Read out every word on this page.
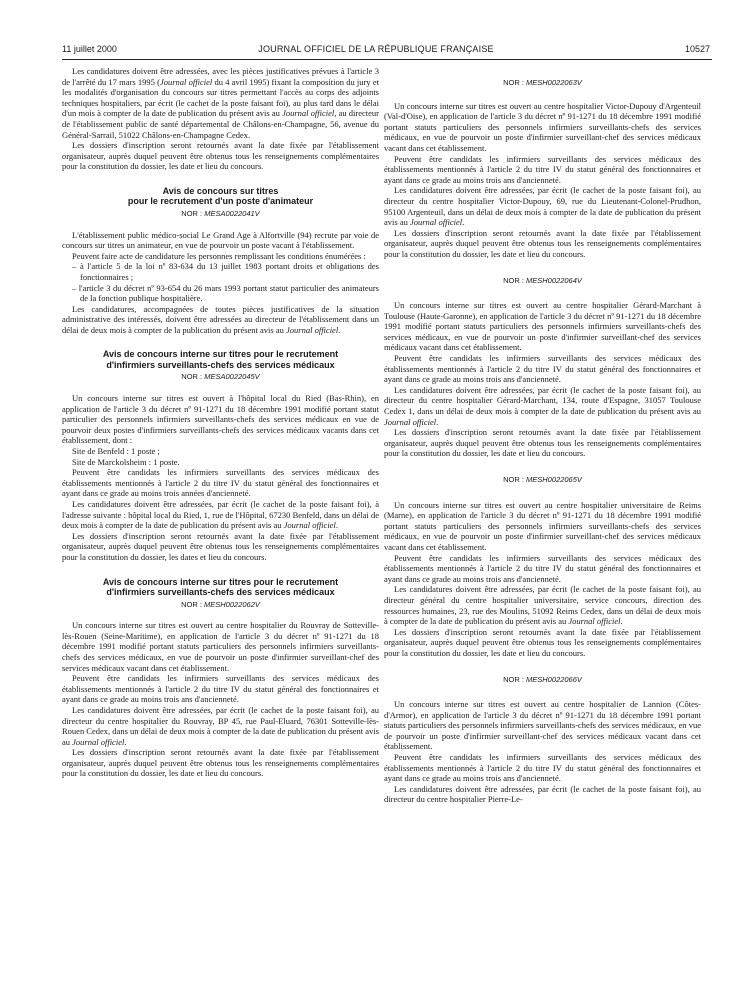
11 juillet 2000	JOURNAL OFFICIEL DE LA RÉPUBLIQUE FRANÇAISE	10527

Les candidatures doivent être adressées, avec les pièces justificatives prévues à l'article 3 de l'arrêté du 17 mars 1995 (Journal officiel du 4 avril 1995) fixant la composition du jury et les modalités d'organisation du concours sur titres permettant l'accès au corps des adjoints techniques hospitaliers, par écrit (le cachet de la poste faisant foi), au plus tard dans le délai d'un mois à compter de la date de publication du présent avis au Journal officiel, au directeur de l'établissement public de santé départemental de Châlons-en-Champagne, 56, avenue du Général-Sarrail, 51022 Châlons-en-Champagne Cedex.

Les dossiers d'inscription seront retournés avant la date fixée par l'établissement organisateur, auprès duquel peuvent être obtenus tous les renseignements complémentaires pour la constitution du dossier, les date et lieu du concours.

Avis de concours sur titres
pour le recrutement d'un poste d'animateur
NOR : MESA0022041V

L'établissement public médico-social Le Grand Age à Alfortville (94) recrute par voie de concours sur titres un animateur, en vue de pourvoir un poste vacant à l'établissement.

Peuvent faire acte de candidature les personnes remplissant les conditions énumérées :

– à l'article 5 de la loi nº 83-634 du 13 juillet 1983 portant droits et obligations des fonctionnaires ;
– l'article 3 du décret nº 93-654 du 26 mars 1993 portant statut particulier des animateurs de la fonction publique hospitalière.

Les candidatures, accompagnées de toutes pièces justificatives de la situation administrative des intéressés, doivent être adressées au directeur de l'établissement dans un délai de deux mois à compter de la publication du présent avis au Journal officiel.

Avis de concours interne sur titres pour le recrutement
d'infirmiers surveillants-chefs des services médicaux
NOR : MESA0022045V

Un concours interne sur titres est ouvert à l'hôpital local du Ried (Bas-Rhin), en application de l'article 3 du décret nº 91-1271 du 18 décembre 1991 modifié portant statut particulier des personnels infirmiers surveillants-chefs des services médicaux en vue de pourvoir deux postes d'infirmiers surveillants-chefs des services médicaux vacants dans cet établissement, dont :

Site de Benfeld : 1 poste ;

Site de Marckolsheim : 1 poste.

Peuvent être candidats les infirmiers surveillants des services médicaux des établissements mentionnés à l'article 2 du titre IV du statut général des fonctionnaires et ayant dans ce grade au moins trois années d'ancienneté.

Les candidatures doivent être adressées, par écrit (le cachet de la poste faisant foi), à l'adresse suivante : hôpital local du Ried, 1, rue de l'Hôpital, 67230 Benfeld, dans un délai de deux mois à compter de la date de publication du présent avis au Journal officiel.

Les dossiers d'inscription seront retournés avant la date fixée par l'établissement organisateur, auprès duquel peuvent être obtenus tous les renseignements complémentaires pour la constitution du dossier, les dates et lieu du concours.

Avis de concours interne sur titres pour le recrutement
d'infirmiers surveillants-chefs des services médicaux
NOR : MESH0022062V

Un concours interne sur titres est ouvert au centre hospitalier du Rouvray de Sotteville-lès-Rouen (Seine-Maritime), en application de l'article 3 du décret nº 91-1271 du 18 décembre 1991 modifié portant statuts particuliers des personnels infirmiers surveillants-chefs des services médicaux, en vue de pourvoir un poste d'infirmier surveillant-chef des services médicaux vacant dans cet établissement.

Peuvent être candidats les infirmiers surveillants des services médicaux des établissements mentionnés à l'article 2 du titre IV du statut général des fonctionnaires et ayant dans ce grade au moins trois ans d'ancienneté.

Les candidatures doivent être adressées, par écrit (le cachet de la poste faisant foi), au directeur du centre hospitalier du Rouvray, BP 45, rue Paul-Eluard, 76301 Sotteville-lès-Rouen Cedex, dans un délai de deux mois à compter de la date de publication du présent avis au Journal officiel.

Les dossiers d'inscription seront retournés avant la date fixée par l'établissement organisateur, auprès duquel peuvent être obtenus tous les renseignements complémentaires pour la constitution du dossier, les date et lieu du concours.

NOR : MESH0022063V

Un concours interne sur titres est ouvert au centre hospitalier Victor-Dupouy d'Argenteuil (Val-d'Oise), en application de l'article 3 du décret nº 91-1271 du 18 décembre 1991 modifié portant statuts particuliers des personnels infirmiers surveillants-chefs des services médicaux, en vue de pourvoir un poste d'infirmier surveillant-chef des services médicaux vacant dans cet établissement.

Peuvent être candidats les infirmiers surveillants des services médicaux des établissements mentionnés à l'article 2 du titre IV du statut général des fonctionnaires et ayant dans ce grade au moins trois ans d'ancienneté.

Les candidatures doivent être adressées, par écrit (le cachet de la poste faisant foi), au directeur du centre hospitalier Victor-Dupouy, 69, rue du Lieutenant-Colonel-Prudhon, 95100 Argenteuil, dans un délai de deux mois à compter de la date de publication du présent avis au Journal officiel.

Les dossiers d'inscription seront retournés avant la date fixée par l'établissement organisateur, auprès duquel peuvent être obtenus tous les renseignements complémentaires pour la constitution du dossier, les date et lieu du concours.

NOR : MESH0022064V

Un concours interne sur titres est ouvert au centre hospitalier Gérard-Marchant à Toulouse (Haute-Garonne), en application de l'article 3 du décret nº 91-1271 du 18 décembre 1991 modifié portant statuts particuliers des personnels infirmiers surveillants-chefs des services médicaux, en vue de pourvoir un poste d'infirmier surveillant-chef des services médicaux vacant dans cet établissement.

Peuvent être candidats les infirmiers surveillants des services médicaux des établissements mentionnés à l'article 2 du titre IV du statut général des fonctionnaires et ayant dans ce grade au moins trois ans d'ancienneté.

Les candidatures doivent être adressées, par écrit (le cachet de la poste faisant foi), au directeur du centre hospitalier Gérard-Marchant, 134, route d'Espagne, 31057 Toulouse Cedex 1, dans un délai de deux mois à compter de la date de publication du présent avis au Journal officiel.

Les dossiers d'inscription seront retournés avant la date fixée par l'établissement organisateur, auprès duquel peuvent être obtenus tous les renseignements complémentaires pour la constitution du dossier, les date et lieu du concours.

NOR : MESH0022065V

Un concours interne sur titres est ouvert au centre hospitalier universitaire de Reims (Marne), en application de l'article 3 du décret nº 91-1271 du 18 décembre 1991 modifié portant statuts particuliers des personnels infirmiers surveillants-chefs des services médicaux, en vue de pourvoir un poste d'infirmier surveillant-chef des services médicaux vacant dans cet établissement.

Peuvent être candidats les infirmiers surveillants des services médicaux des établissements mentionnés à l'article 2 du titre IV du statut général des fonctionnaires et ayant dans ce grade au moins trois ans d'ancienneté.

Les candidatures doivent être adressées, par écrit (le cachet de la poste faisant foi), au directeur général du centre hospitalier universitaire, service concours, direction des ressources humaines, 23, rue des Moulins, 51092 Reims Cedex, dans un délai de deux mois à compter de la date de publication du présent avis au Journal officiel.

Les dossiers d'inscription seront retournés avant la date fixée par l'établissement organisateur, auprès duquel peuvent être obtenus tous les renseignements complémentaires pour la constitution du dossier, les date et lieu du concours.

NOR : MESH0022066V

Un concours interne sur titres est ouvert au centre hospitalier de Lannion (Côtes-d'Armor), en application de l'article 3 du décret nº 91-1271 du 18 décembre 1991 portant statuts particuliers des personnels infirmiers surveillants-chefs des services médicaux, en vue de pourvoir un poste d'infirmier surveillant-chef des services médicaux vacant dans cet établissement.

Peuvent être candidats les infirmiers surveillants des services médicaux des établissements mentionnés à l'article 2 du titre IV du statut général des fonctionnaires et ayant dans ce grade au moins trois ans d'ancienneté.

Les candidatures doivent être adressées, par écrit (le cachet de la poste faisant foi), au directeur du centre hospitalier Pierre-Le-
